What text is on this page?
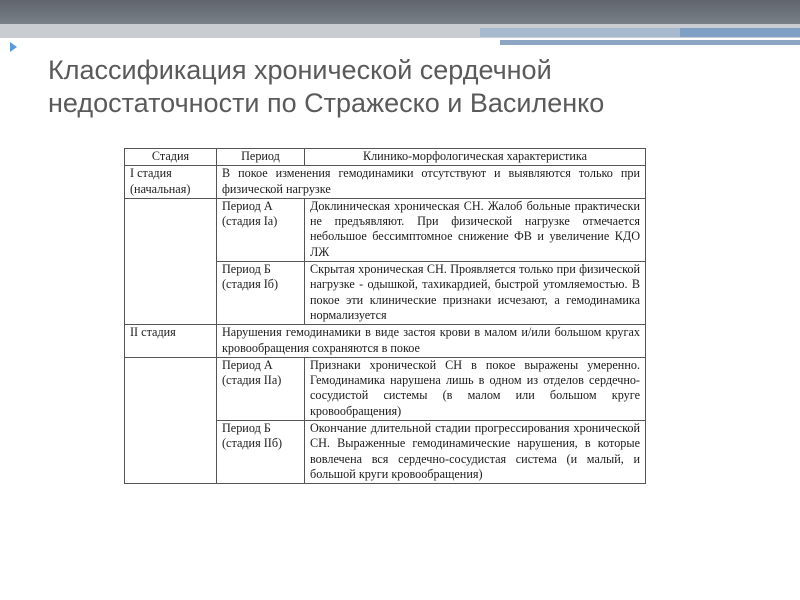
Классификация хронической сердечной недостаточности по Стражеско и Василенко
Стадия	Период	Клинико-морфологическая характеристика
I стадия (начальная)	В покое изменения гемодинамики отсутствуют и выявляются только при физической нагрузке	
	Период А (стадия Iа)	Доклиническая хроническая СН. Жалоб больные практически не предъявляют. При физической нагрузке отмечается небольшое бессимптомное снижение ФВ и увеличение КДО ЛЖ
	Период Б (стадия Iб)	Скрытая хроническая СН. Проявляется только при физической нагрузке - одышкой, тахикардией, быстрой утомляемостью. В покое эти клинические признаки исчезают, а гемодинамика нормализуется
II стадия	Нарушения гемодинамики в виде застоя крови в малом и/или большом кругах кровообращения сохраняются в покое	
	Период А (стадия IIа)	Признаки хронической СН в покое выражены умеренно. Гемодинамика нарушена лишь в одном из отделов сердечно-сосудистой системы (в малом или большом круге кровообращения)
	Период Б (стадия IIб)	Окончание длительной стадии прогрессирования хронической СН. Выраженные гемодинамические нарушения, в которые вовлечена вся сердечно-сосудистая система (и малый, и большой круги кровообращения)
